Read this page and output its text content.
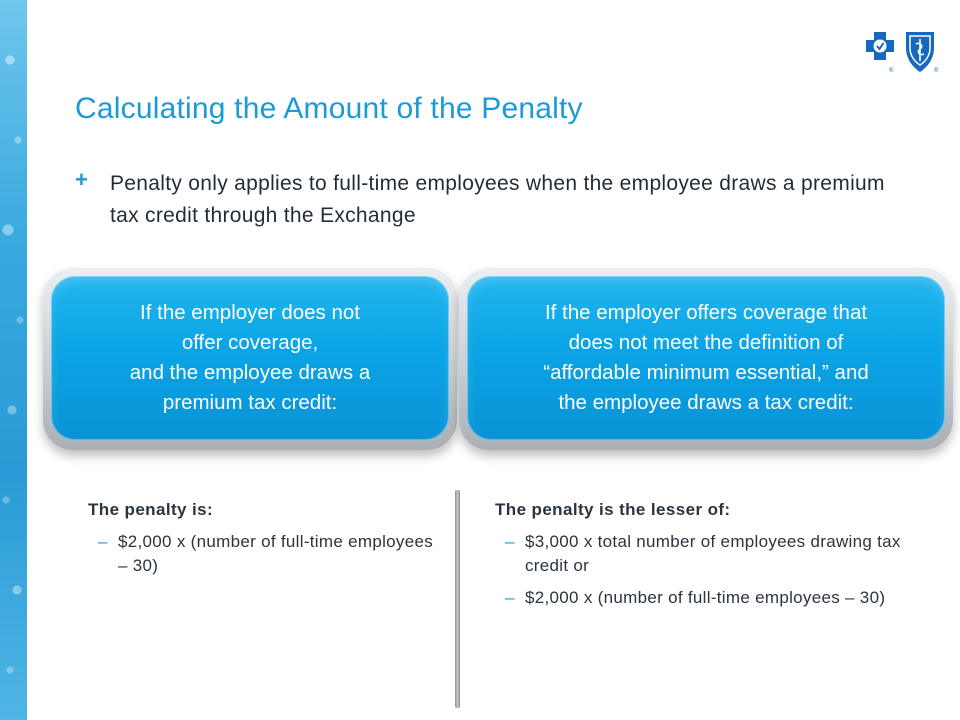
®	®
Calculating the Amount of the Penalty
+ Penalty only applies to full-time employees when the employee draws a premium tax credit through the Exchange
If the employer does not
offer coverage,
and the employee draws a
premium tax credit:
If the employer offers coverage that
does not meet the definition of
“affordable minimum essential,” and
the employee draws a tax credit:
The penalty is:
– $2,000 x (number of full-time employees – 30)
The penalty is the lesser of:
– $3,000 x total number of employees drawing tax credit or
– $2,000 x (number of full-time employees – 30)
